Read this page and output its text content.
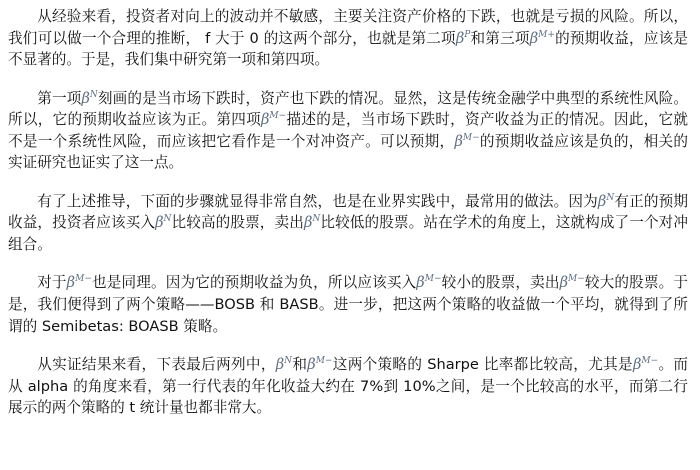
从经验来看，投资者对向上的波动并不敏感，主要关注资产价格的下跌，也就是亏损的风险。所以，我们可以做一个合理的推断， f 大于 0 的这两个部分，也就是第二项$\beta^P$和第三项$\beta^{M+}$的预期收益，应该是不显著的。于是，我们集中研究第一项和第四项。

第一项$\beta^N$刻画的是当市场下跌时，资产也下跌的情况。显然，这是传统金融学中典型的系统性风险。所以，它的预期收益应该为正。第四项$\beta^{M-}$描述的是，当市场下跌时，资产收益为正的情况。因此，它就不是一个系统性风险，而应该把它看作是一个对冲资产。可以预期，$\beta^{M-}$的预期收益应该是负的，相关的实证研究也证实了这一点。

有了上述推导，下面的步骤就显得非常自然，也是在业界实践中，最常用的做法。因为$\beta^N$有正的预期收益，投资者应该买入$\beta^N$比较高的股票，卖出$\beta^N$比较低的股票。站在学术的角度上，这就构成了一个对冲组合。

对于$\beta^{M-}$也是同理。因为它的预期收益为负，所以应该买入$\beta^{M-}$较小的股票，卖出$\beta^{M-}$较大的股票。于是，我们便得到了两个策略——BOSB 和 BASB。进一步，把这两个策略的收益做一个平均，就得到了所谓的 Semibetas: BOASB 策略。

从实证结果来看，下表最后两列中，$\beta^N$和$\beta^{M-}$这两个策略的 Sharpe 比率都比较高，尤其是$\beta^{M-}$。而从 alpha 的角度来看，第一行代表的年化收益大约在 7%到 10%之间，是一个比较高的水平，而第二行展示的两个策略的 t 统计量也都非常大。
